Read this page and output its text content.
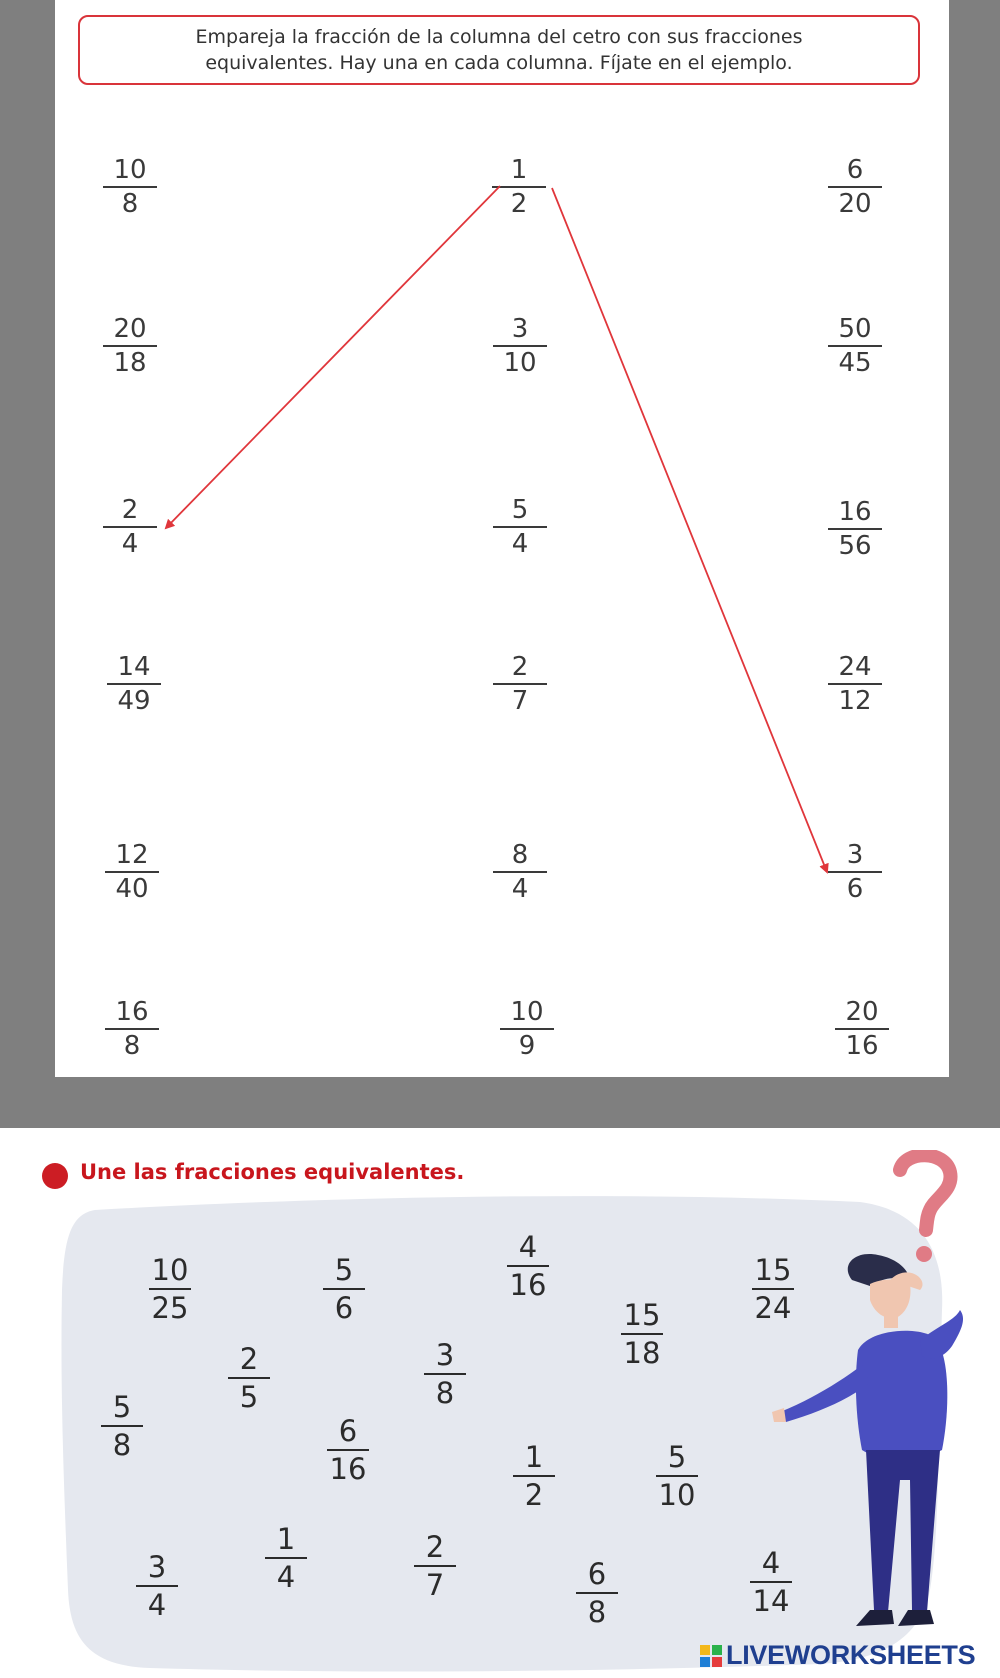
Empareja la fracción de la columna del cetro con sus fracciones
equivalentes. Hay una en cada columna. Fíjate en el ejemplo.
10
8
20
18
2
4
14
49
12
40
16
8
1
2
3
10
5
4
2
7
8
4
10
9
6
20
50
45
16
56
24
12
3
6
20
16
Une las fracciones equivalentes.
10
25
5
6
4
16
15
18
15
24
2
5
3
8
5
8	6
16	1
2
5
10
1
4
2
7
3
4
6
8
4
14
LIVEWORKSHEETS
